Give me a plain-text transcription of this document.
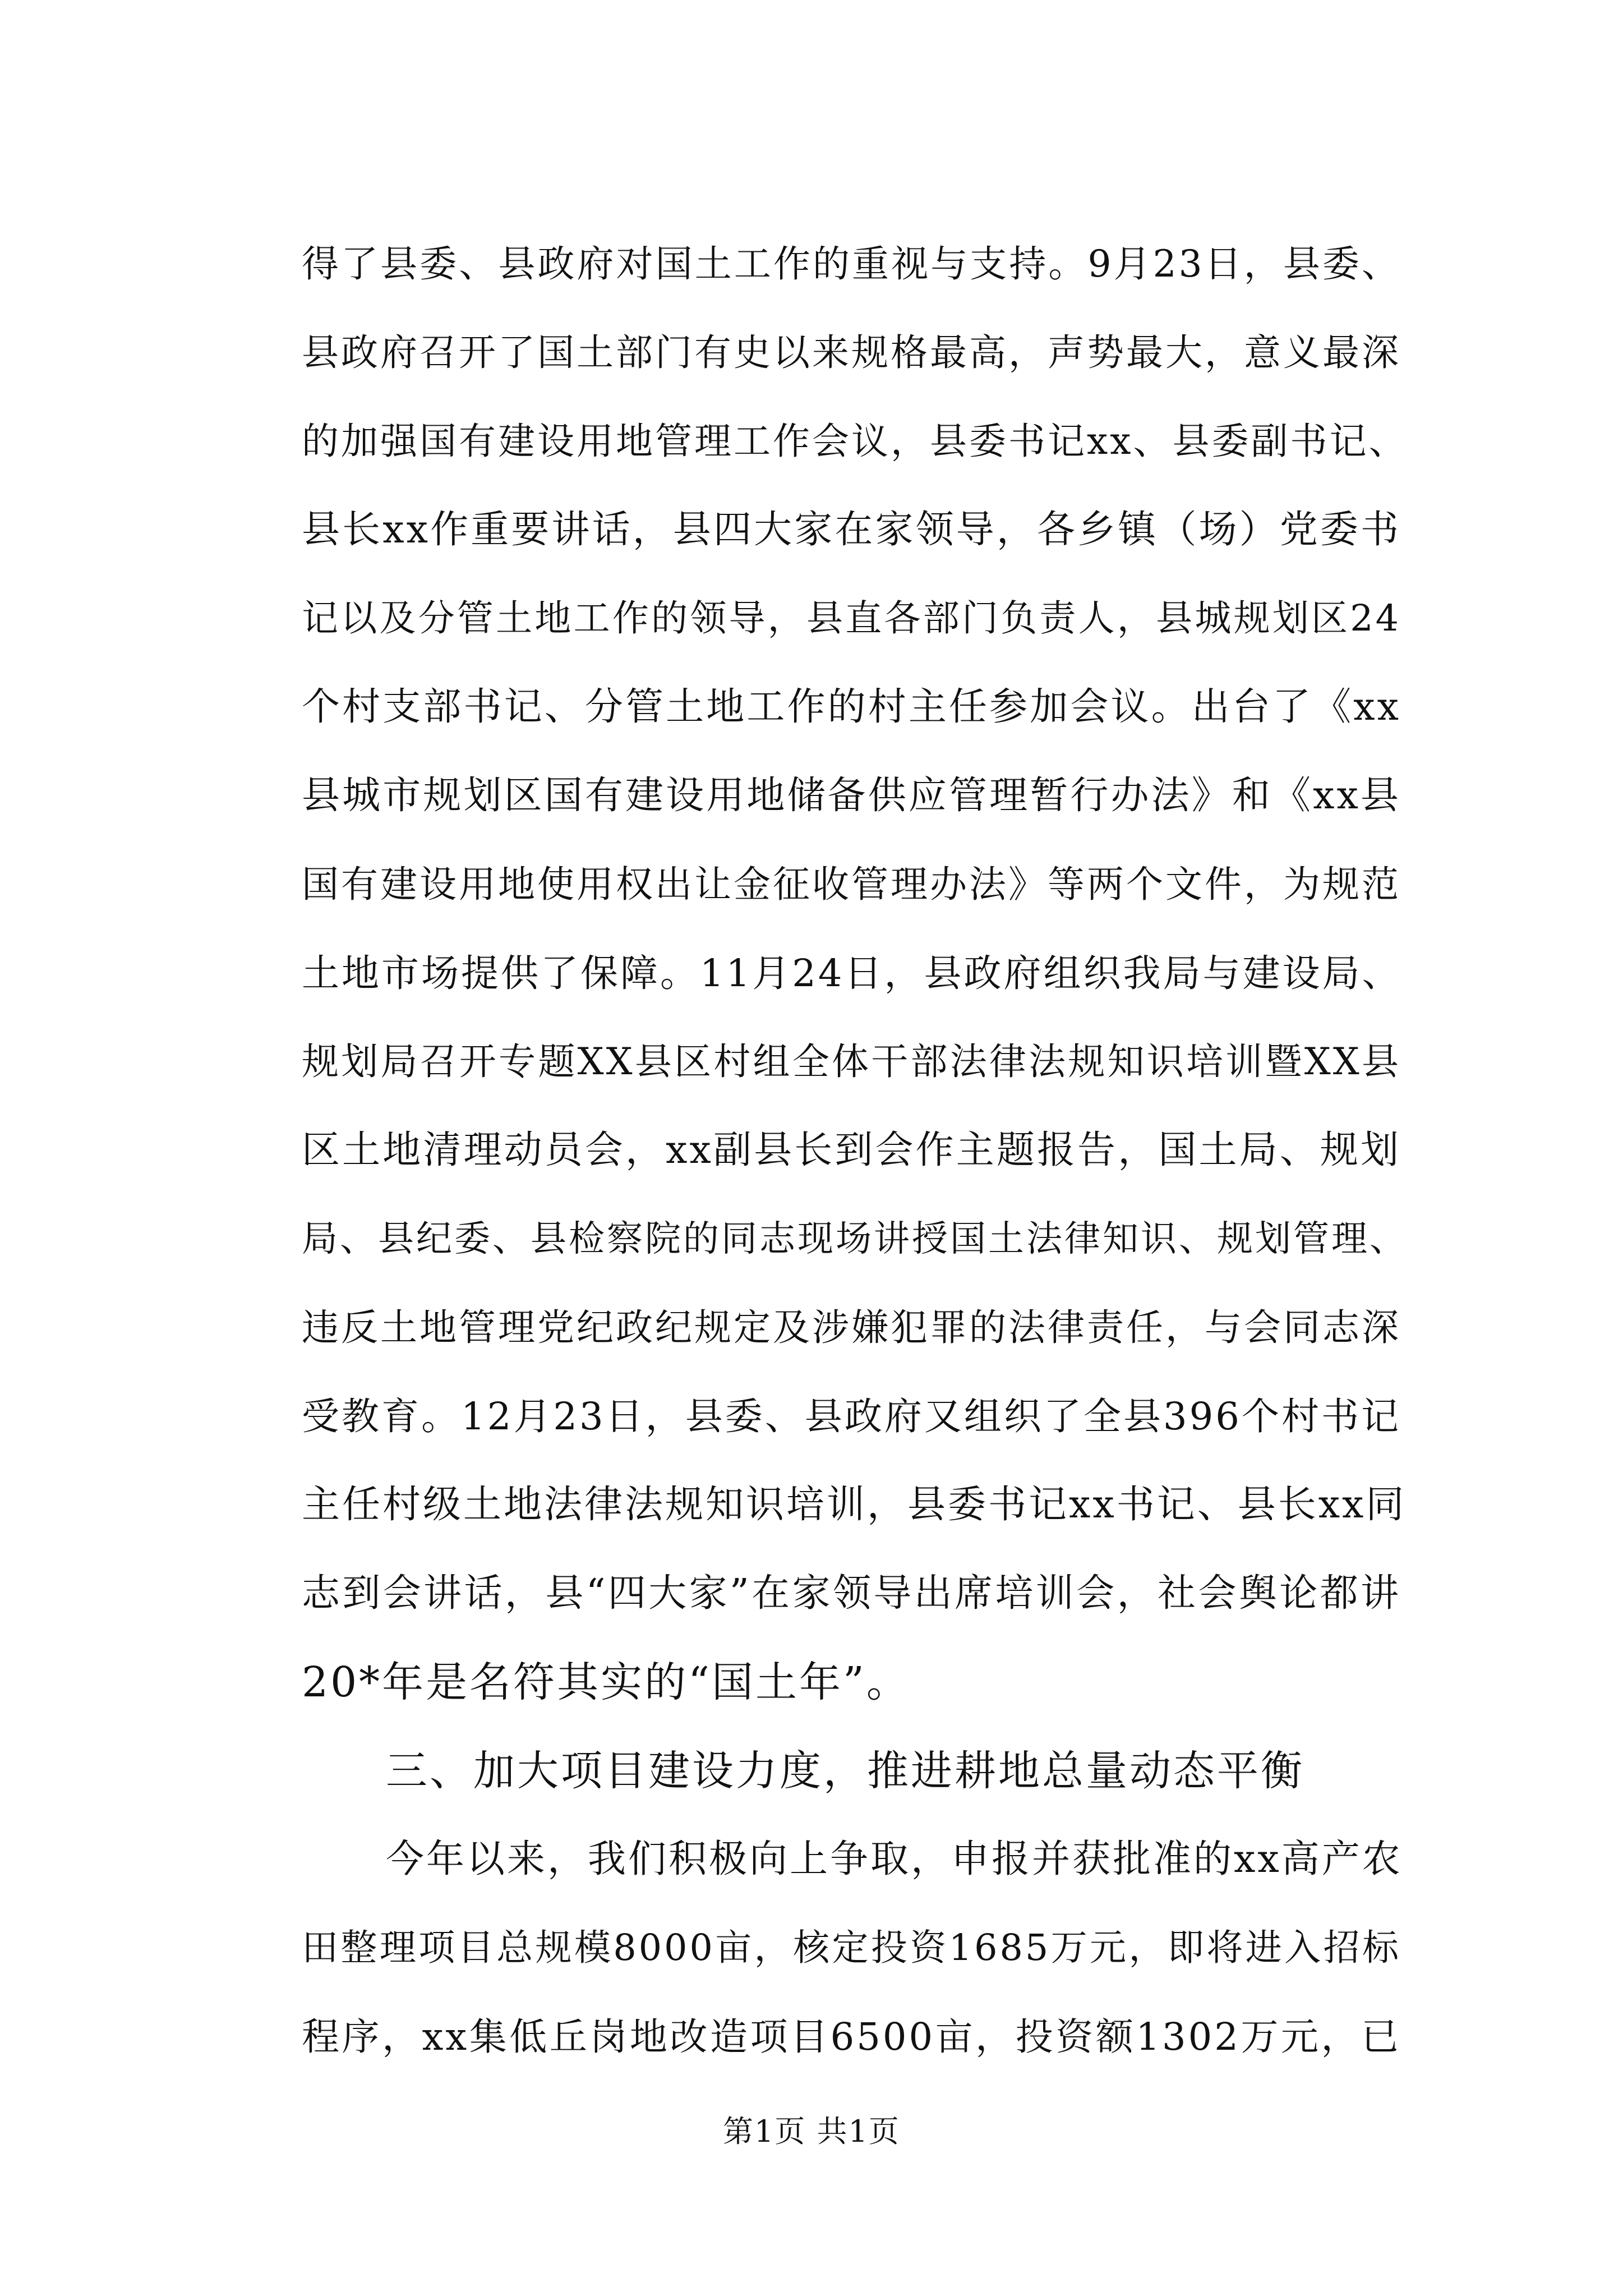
得了县委、县政府对国土工作的重视与支持。9月23日，县委、
县政府召开了国土部门有史以来规格最高，声势最大，意义最深
的加强国有建设用地管理工作会议，县委书记xx、县委副书记、
县长xx作重要讲话，县四大家在家领导，各乡镇（场）党委书
记以及分管土地工作的领导，县直各部门负责人，县城规划区24
个村支部书记、分管土地工作的村主任参加会议。出台了《xx
县城市规划区国有建设用地储备供应管理暂行办法》和《xx县
国有建设用地使用权出让金征收管理办法》等两个文件，为规范
土地市场提供了保障。11月24日，县政府组织我局与建设局、
规划局召开专题XX县区村组全体干部法律法规知识培训暨XX县
区土地清理动员会，xx副县长到会作主题报告，国土局、规划
局、县纪委、县检察院的同志现场讲授国土法律知识、规划管理、
违反土地管理党纪政纪规定及涉嫌犯罪的法律责任，与会同志深
受教育。12月23日，县委、县政府又组织了全县396个村书记
主任村级土地法律法规知识培训，县委书记xx书记、县长xx同
志到会讲话，县“四大家”在家领导出席培训会，社会舆论都讲
20*年是名符其实的“国土年”。
三、加大项目建设力度，推进耕地总量动态平衡
今年以来，我们积极向上争取，申报并获批准的xx高产农
田整理项目总规模8000亩，核定投资1685万元，即将进入招标
程序，xx集低丘岗地改造项目6500亩，投资额1302万元，已
第1页 共1页
